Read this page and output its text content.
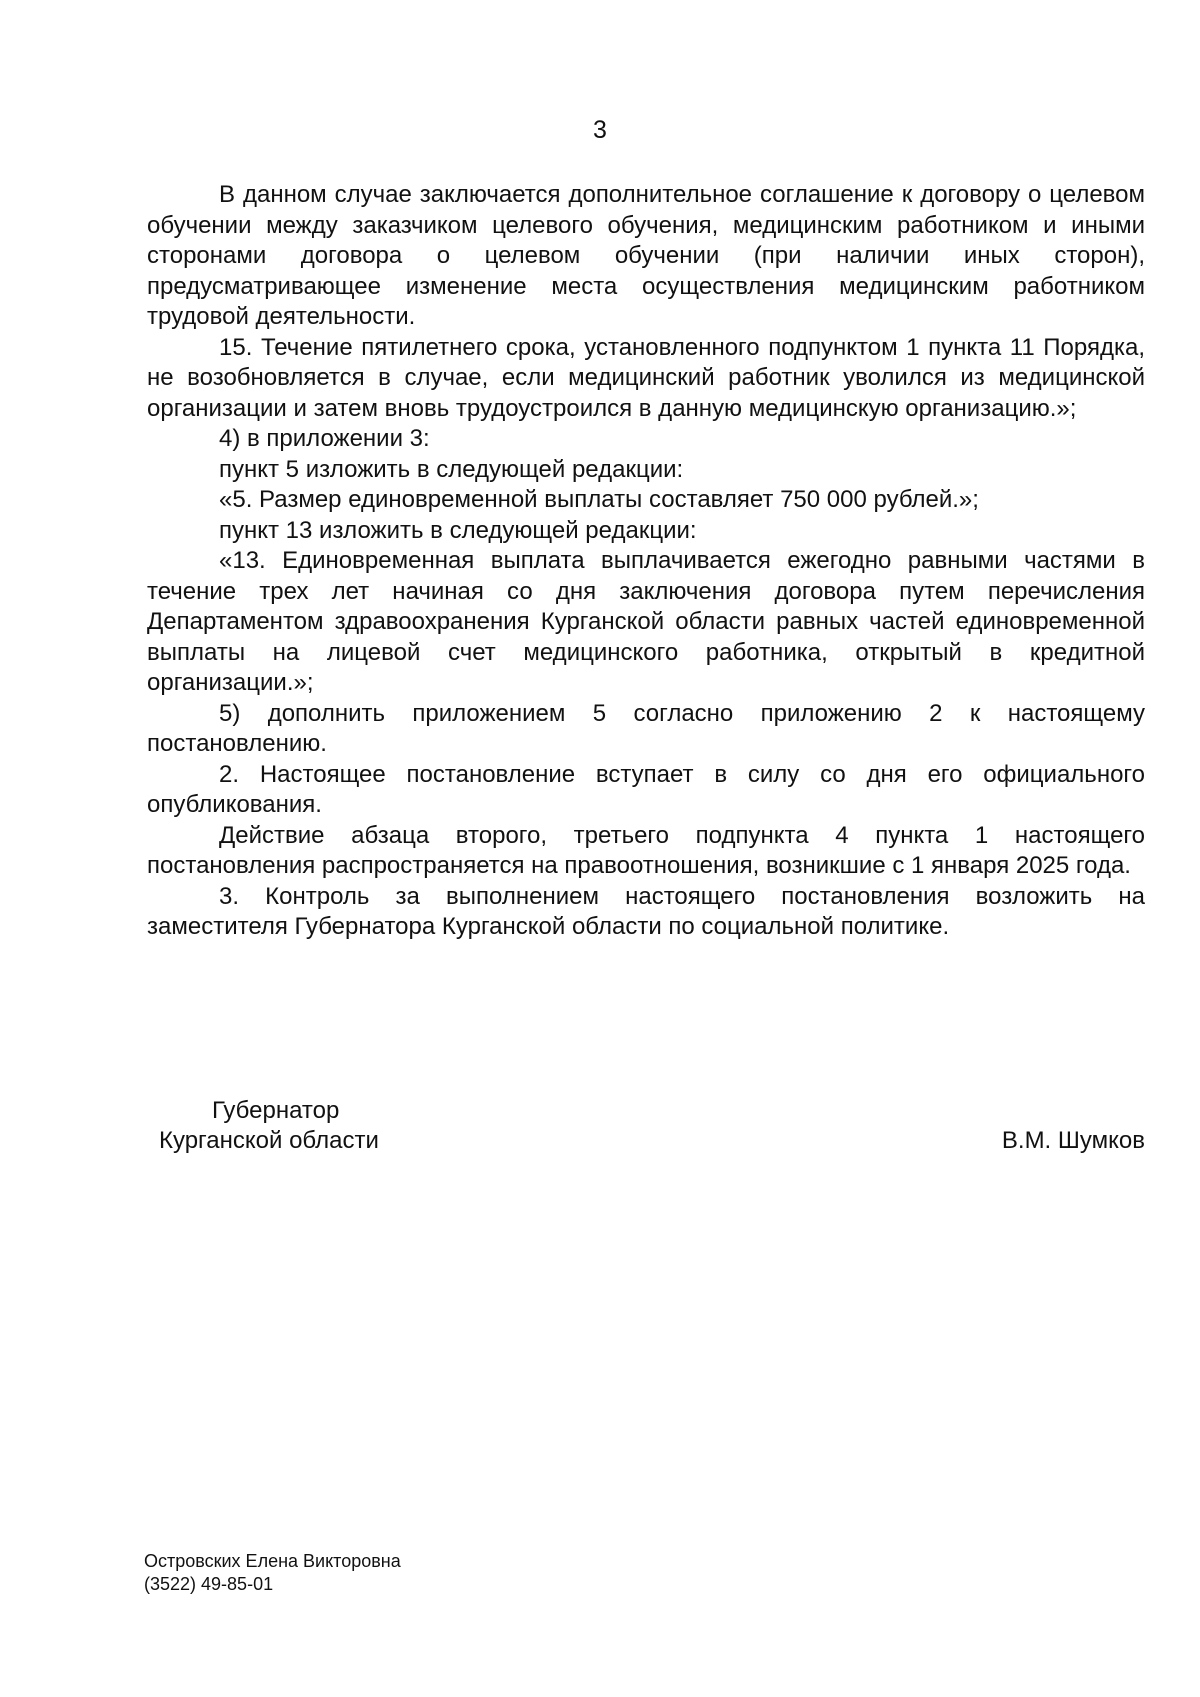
3

В данном случае заключается дополнительное соглашение к договору о целевом обучении между заказчиком целевого обучения, медицинским работником и иными сторонами договора о целевом обучении (при наличии иных сторон), предусматривающее изменение места осуществления медицинским работником трудовой деятельности.

15. Течение пятилетнего срока, установленного подпунктом 1 пункта 11 Порядка, не возобновляется в случае, если медицинский работник уволился из медицинской организации и затем вновь трудоустроился в данную медицинскую организацию.»;

4) в приложении 3:

пункт 5 изложить в следующей редакции:

«5. Размер единовременной выплаты составляет 750 000 рублей.»;

пункт 13 изложить в следующей редакции:

«13. Единовременная выплата выплачивается ежегодно равными частями в течение трех лет начиная со дня заключения договора путем перечисления Департаментом здравоохранения Курганской области равных частей единовременной выплаты на лицевой счет медицинского работника, открытый в кредитной организации.»;

5) дополнить приложением 5 согласно приложению 2 к настоящему постановлению.

2. Настоящее постановление вступает в силу со дня его официального опубликования.

Действие абзаца второго, третьего подпункта 4 пункта 1 настоящего постановления распространяется на правоотношения, возникшие с 1 января 2025 года.

3. Контроль за выполнением настоящего постановления возложить на заместителя Губернатора Курганской области по социальной политике.

Губернатор
Курганской области	В.М. Шумков
Островских Елена Викторовна
(3522) 49-85-01
